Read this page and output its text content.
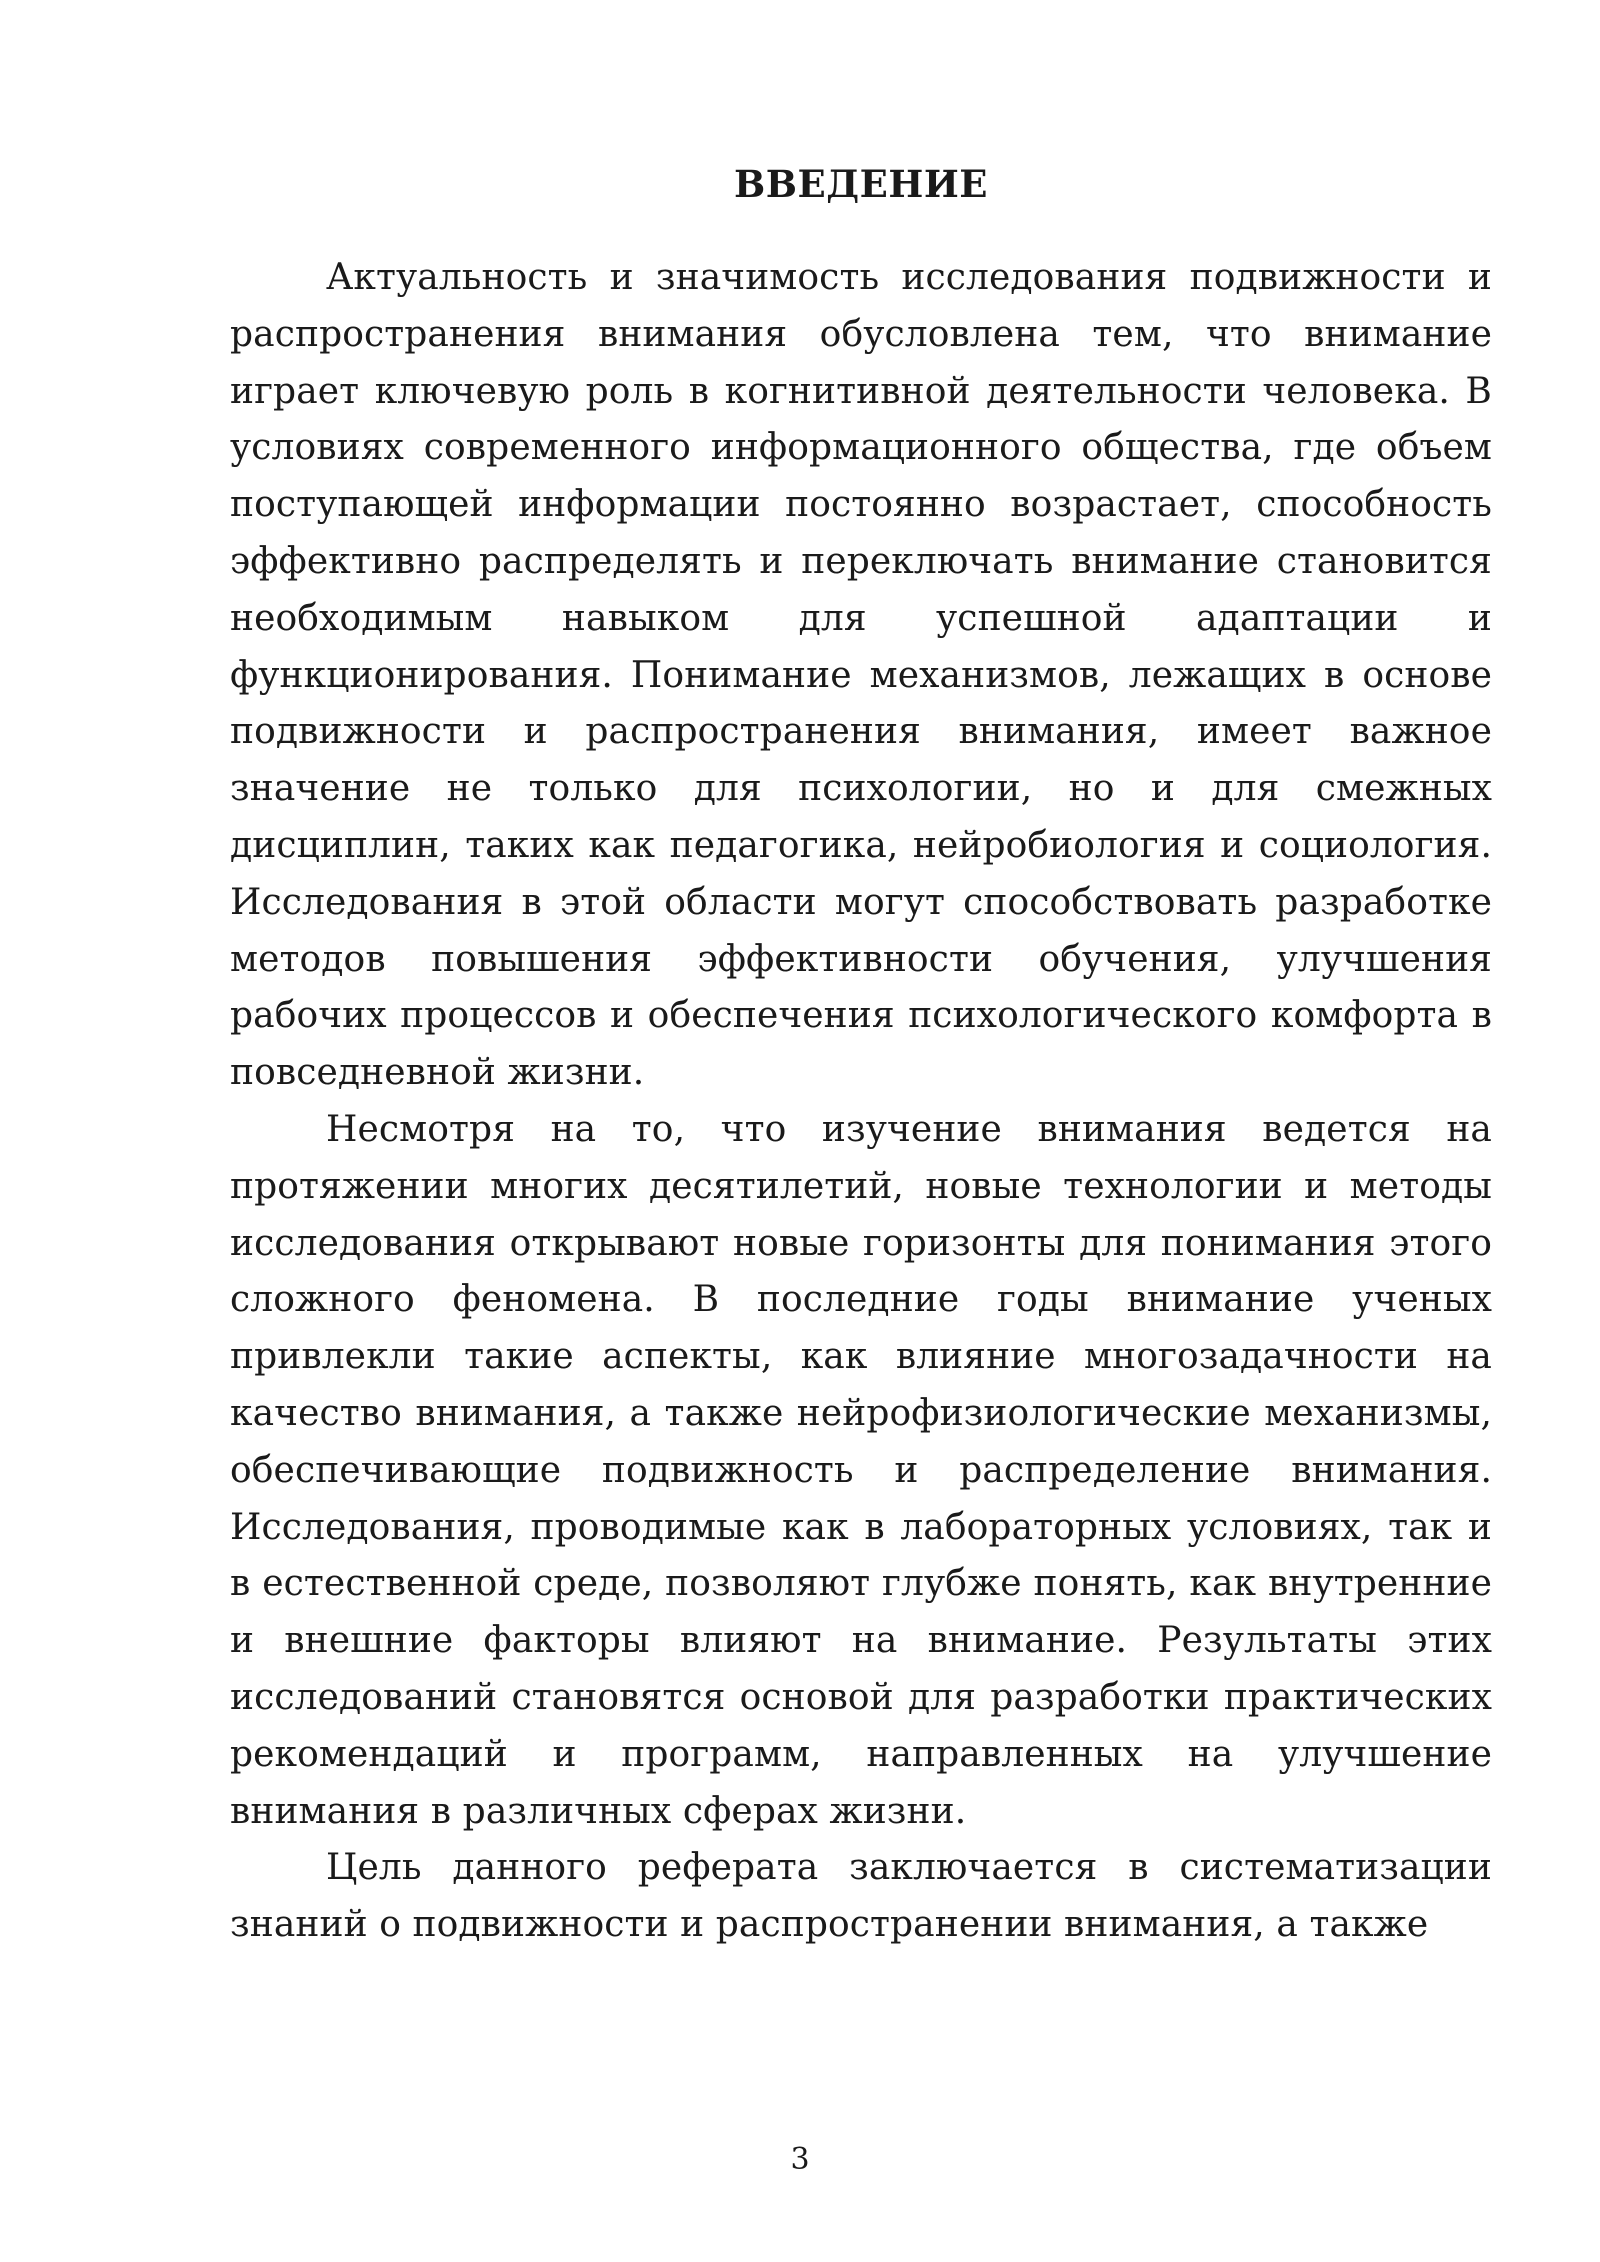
ВВЕДЕНИЕ

Актуальность и значимость исследования подвижности и распространения внимания обусловлена тем, что внимание играет ключевую роль в когнитивной деятельности человека. В условиях современного информационного общества, где объем поступающей информации постоянно возрастает, способность эффективно распределять и переключать внимание становится необходимым навыком для успешной адаптации и функционирования. Понимание механизмов, лежащих в основе подвижности и распространения внимания, имеет важное значение не только для психологии, но и для смежных дисциплин, таких как педагогика, нейробиология и социология. Исследования в этой области могут способствовать разработке методов повышения эффективности обучения, улучшения рабочих процессов и обеспечения психологического комфорта в повседневной жизни.

Несмотря на то, что изучение внимания ведется на протяжении многих десятилетий, новые технологии и методы исследования открывают новые горизонты для понимания этого сложного феномена. В последние годы внимание ученых привлекли такие аспекты, как влияние многозадачности на качество внимания, а также нейрофизиологические механизмы, обеспечивающие подвижность и распределение внимания. Исследования, проводимые как в лабораторных условиях, так и в естественной среде, позволяют глубже понять, как внутренние и внешние факторы влияют на внимание. Результаты этих исследований становятся основой для разработки практических рекомендаций и программ, направленных на улучшение внимания в различных сферах жизни.

Цель данного реферата заключается в систематизации знаний о подвижности и распространении внимания, а также

3
